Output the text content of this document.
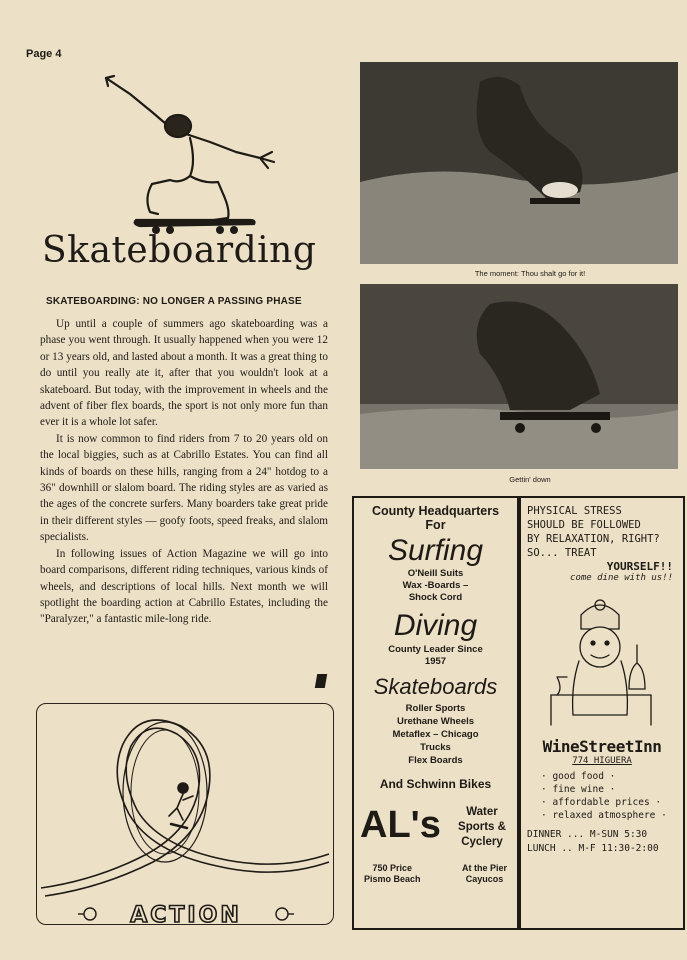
Page 4
Skateboarding
SKATEBOARDING: NO LONGER A PASSING PHASE

Up until a couple of summers ago skateboarding was a phase you went through. It usually happened when you were 12 or 13 years old, and lasted about a month. It was a great thing to do until you really ate it, after that you wouldn't look at a skateboard. But today, with the improvement in wheels and the advent of fiber flex boards, the sport is not only more fun than ever it is a whole lot safer.

It is now common to find riders from 7 to 20 years old on the local biggies, such as at Cabrillo Estates. You can find all kinds of boards on these hills, ranging from a 24" hotdog to a 36" downhill or slalom board. The riding styles are as varied as the ages of the concrete surfers. Many boarders take great pride in their different styles — goofy foots, speed freaks, and slalom specialists.

In following issues of Action Magazine we will go into board comparisons, different riding techniques, various kinds of wheels, and descriptions of local hills. Next month we will spotlight the boarding action at Cabrillo Estates, including the "Paralyzer," a fantastic mile-long ride.

ACTION
The moment: Thou shalt go for it!
Gettin' down
County Headquarters
For
Surfing
O'Neill Suits
Wax -Boards –
Shock Cord
Diving
County Leader Since
1957
Skateboards
Roller Sports
Urethane Wheels
Metaflex – Chicago
Trucks
Flex Boards
And Schwinn Bikes
AL's	Water
Sports &
Cyclery
750 Price
Pismo Beach
At the Pier
Cayucos
PHYSICAL STRESS
SHOULD BE FOLLOWED
BY RELAXATION, RIGHT?
SO... TREAT
YOURSELF!!
come dine with us!!
WineStreetInn
774 HIGUERA
· good food ·
· fine wine ·
· affordable prices ·
· relaxed atmosphere ·
DINNER ... M-SUN 5:30
LUNCH .. M-F 11:30-2:00
